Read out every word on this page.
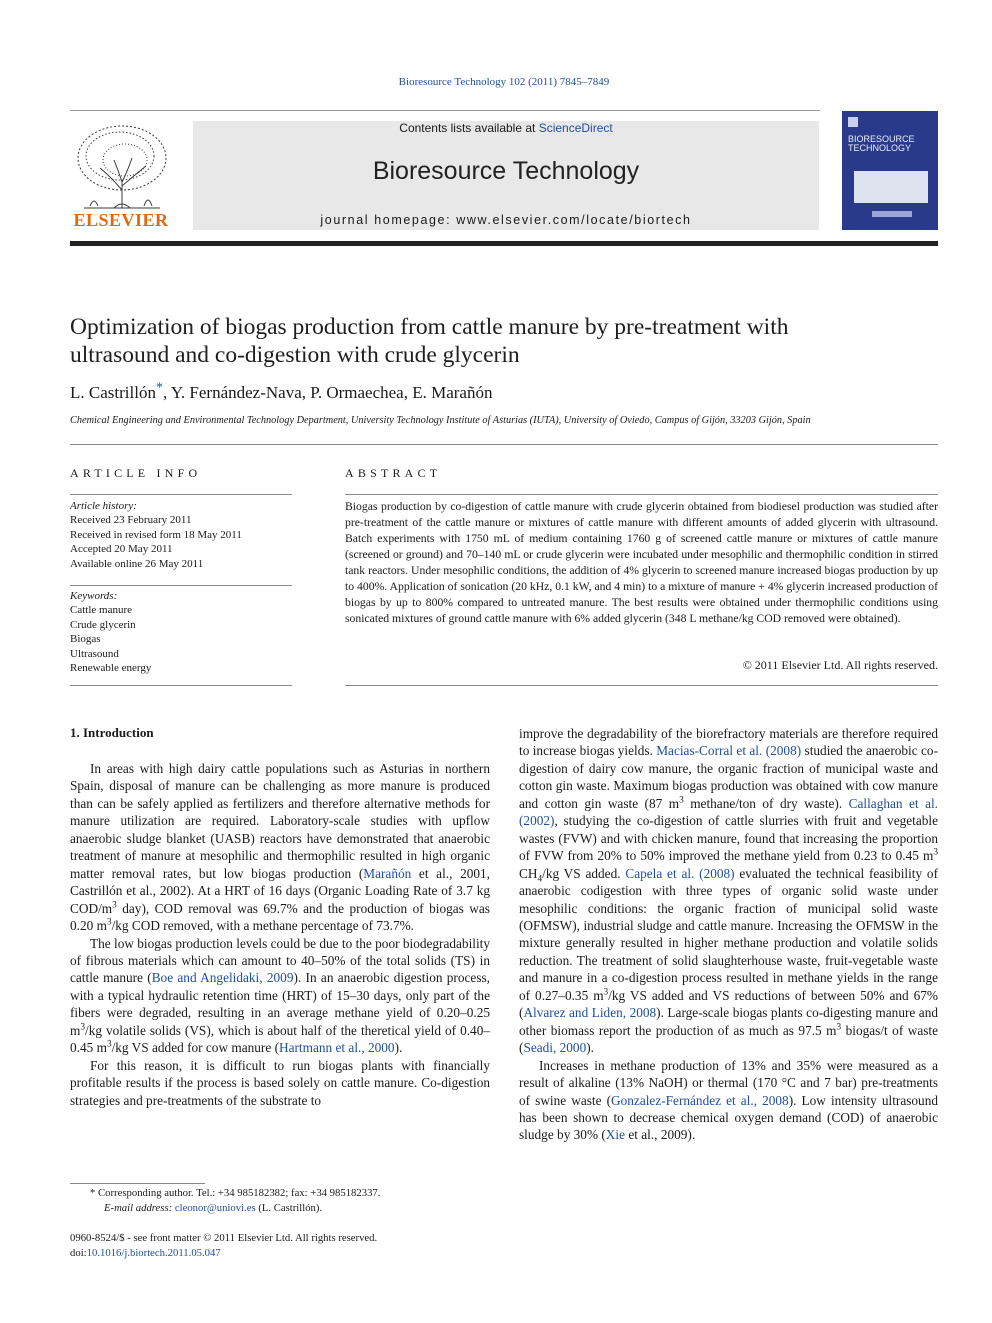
Bioresource Technology 102 (2011) 7845–7849
ELSEVIER
Contents lists available at ScienceDirect
Bioresource Technology
journal homepage: www.elsevier.com/locate/biortech
BIORESOURCE TECHNOLOGY
Optimization of biogas production from cattle manure by pre-treatment with ultrasound and co-digestion with crude glycerin
L. Castrillón*, Y. Fernández-Nava, P. Ormaechea, E. Marañón
Chemical Engineering and Environmental Technology Department, University Technology Institute of Asturias (IUTA), University of Oviedo, Campus of Gijón, 33203 Gijón, Spain
ARTICLE INFO
Article history:
Received 23 February 2011
Received in revised form 18 May 2011
Accepted 20 May 2011
Available online 26 May 2011
Keywords:
Cattle manure
Crude glycerin
Biogas
Ultrasound
Renewable energy
ABSTRACT
Biogas production by co-digestion of cattle manure with crude glycerin obtained from biodiesel production was studied after pre-treatment of the cattle manure or mixtures of cattle manure with different amounts of added glycerin with ultrasound. Batch experiments with 1750 mL of medium containing 1760 g of screened cattle manure or mixtures of cattle manure (screened or ground) and 70–140 mL or crude glycerin were incubated under mesophilic and thermophilic condition in stirred tank reactors. Under mesophilic conditions, the addition of 4% glycerin to screened manure increased biogas production by up to 400%. Application of sonication (20 kHz, 0.1 kW, and 4 min) to a mixture of manure + 4% glycerin increased production of biogas by up to 800% compared to untreated manure. The best results were obtained under thermophilic conditions using sonicated mixtures of ground cattle manure with 6% added glycerin (348 L methane/kg COD removed were obtained).
© 2011 Elsevier Ltd. All rights reserved.
1. Introduction

In areas with high dairy cattle populations such as Asturias in northern Spain, disposal of manure can be challenging as more manure is produced than can be safely applied as fertilizers and therefore alternative methods for manure utilization are required. Laboratory-scale studies with upflow anaerobic sludge blanket (UASB) reactors have demonstrated that anaerobic treatment of manure at mesophilic and thermophilic resulted in high organic matter removal rates, but low biogas production (Marañón et al., 2001, Castrillón et al., 2002). At a HRT of 16 days (Organic Loading Rate of 3.7 kg COD/$m^3$ day), COD removal was 69.7% and the production of biogas was 0.20 $m^3/kg$ COD removed, with a methane percentage of 73.7%.

The low biogas production levels could be due to the poor biodegradability of fibrous materials which can amount to 40–50% of the total solids (TS) in cattle manure (Boe and Angelidaki, 2009). In an anaerobic digestion process, with a typical hydraulic retention time (HRT) of 15–30 days, only part of the fibers were degraded, resulting in an average methane yield of 0.20–0.25 $m^3/kg$ volatile solids (VS), which is about half of the theretical yield of 0.40–0.45 $m^3/kg$ VS added for cow manure (Hartmann et al., 2000).

For this reason, it is difficult to run biogas plants with financially profitable results if the process is based solely on cattle manure. Co-digestion strategies and pre-treatments of the substrate to

improve the degradability of the biorefractory materials are therefore required to increase biogas yields. Macias-Corral et al. (2008) studied the anaerobic co-digestion of dairy cow manure, the organic fraction of municipal waste and cotton gin waste. Maximum biogas production was obtained with cow manure and cotton gin waste (87 $m^3$ methane/ton of dry waste). Callaghan et al. (2002), studying the co-digestion of cattle slurries with fruit and vegetable wastes (FVW) and with chicken manure, found that increasing the proportion of FVW from 20% to 50% improved the methane yield from 0.23 to 0.45 $m^3$ $CH_4/kg$ VS added. Capela et al. (2008) evaluated the technical feasibility of anaerobic codigestion with three types of organic solid waste under mesophilic conditions: the organic fraction of municipal solid waste (OFMSW), industrial sludge and cattle manure. Increasing the OFMSW in the mixture generally resulted in higher methane production and volatile solids reduction. The treatment of solid slaughterhouse waste, fruit-vegetable waste and manure in a co-digestion process resulted in methane yields in the range of 0.27–0.35 $m^3/kg$ VS added and VS reductions of between 50% and 67% (Alvarez and Liden, 2008). Large-scale biogas plants co-digesting manure and other biomass report the production of as much as 97.5 $m^3$ biogas/t of waste (Seadi, 2000).

Increases in methane production of 13% and 35% were measured as a result of alkaline (13% NaOH) or thermal (170 °C and 7 bar) pre-treatments of swine waste (Gonzalez-Fernández et al., 2008). Low intensity ultrasound has been shown to decrease chemical oxygen demand (COD) of anaerobic sludge by 30% (Xie et al., 2009).

* Corresponding author. Tel.: +34 985182382; fax: +34 985182337.
E-mail address: cleonor@uniovi.es (L. Castrillón).
0960-8524/$ - see front matter © 2011 Elsevier Ltd. All rights reserved.
doi:10.1016/j.biortech.2011.05.047
